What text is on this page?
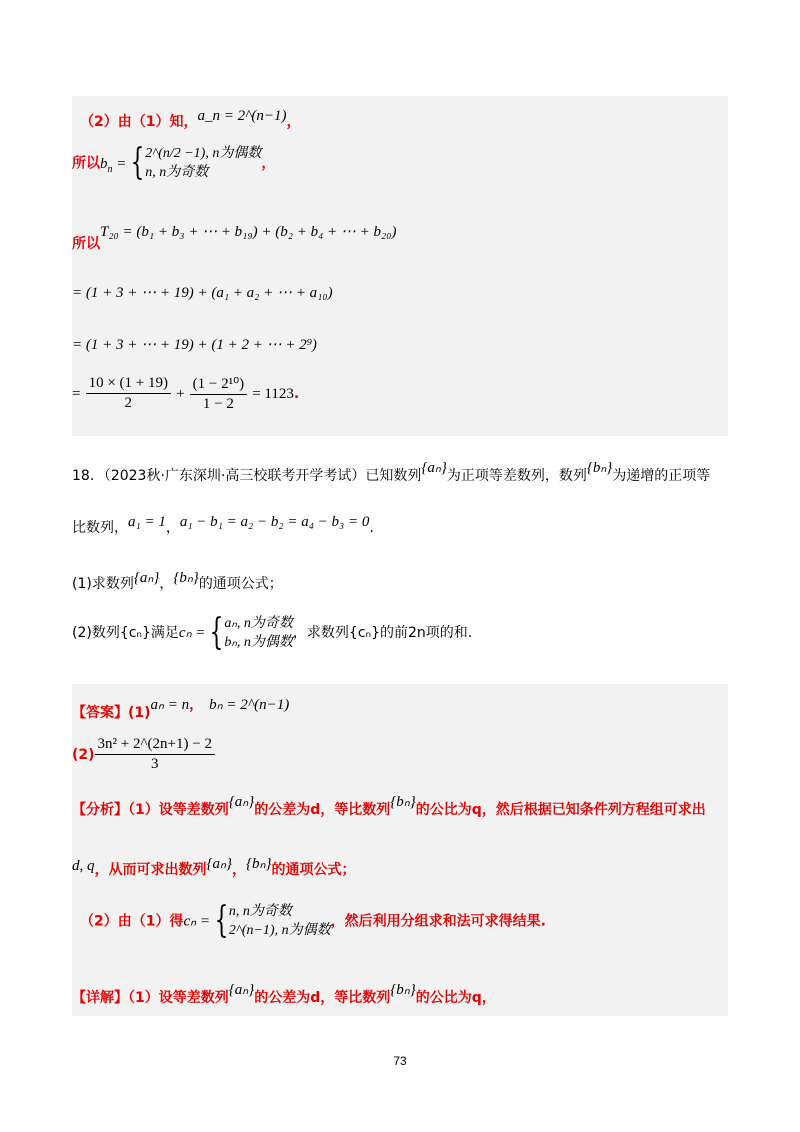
（2）由（1）知，a_n = 2^(n−1)，
所以$b_n$ = { 2^(n/2 −1), n为偶数
n, n为奇数
，
所以T₂₀ = (b₁ + b₃ + ⋯ + b₁₉) + (b₂ + b₄ + ⋯ + b₂₀)
= (1 + 3 + ⋯ + 19) + (a₁ + a₂ + ⋯ + a₁₀)
= (1 + 3 + ⋯ + 19) + (1 + 2 + ⋯ + 2⁹)
= $\frac{10 \times (1 + 19)}{2} + \frac{\text{(1 − 2¹⁰)}}{1 - 2} = 1123$.
18．（2023秋·广东深圳·高三校联考开学考试）已知数列{aₙ}为正项等差数列，数列{bₙ}为递增的正项等
比数列，a₁ = 1，a₁ − b₁ = a₂ − b₂ = a₄ − b₃ = 0.
(1)求数列{aₙ}，{bₙ}的通项公式；
(2)数列{cₙ}满足cₙ = { aₙ, n为奇数
bₙ, n为偶数
，求数列{cₙ}的前2n项的和.
【答案】(1)aₙ = n， bₙ = 2^(n−1)
$(2) \frac{\text{3n² + 2\textasciicircum{}(2n+1) − 2}}{3}$
【分析】（1）设等差数列{aₙ}的公差为d，等比数列{bₙ}的公比为q，然后根据已知条件列方程组可求出
d, q，从而可求出数列{aₙ}，{bₙ}的通项公式；
（2）由（1）得cₙ = { n, n为奇数
2^(n−1), n为偶数
，然后利用分组求和法可求得结果.
【详解】（1）设等差数列{aₙ}的公差为d，等比数列{bₙ}的公比为q，
73
